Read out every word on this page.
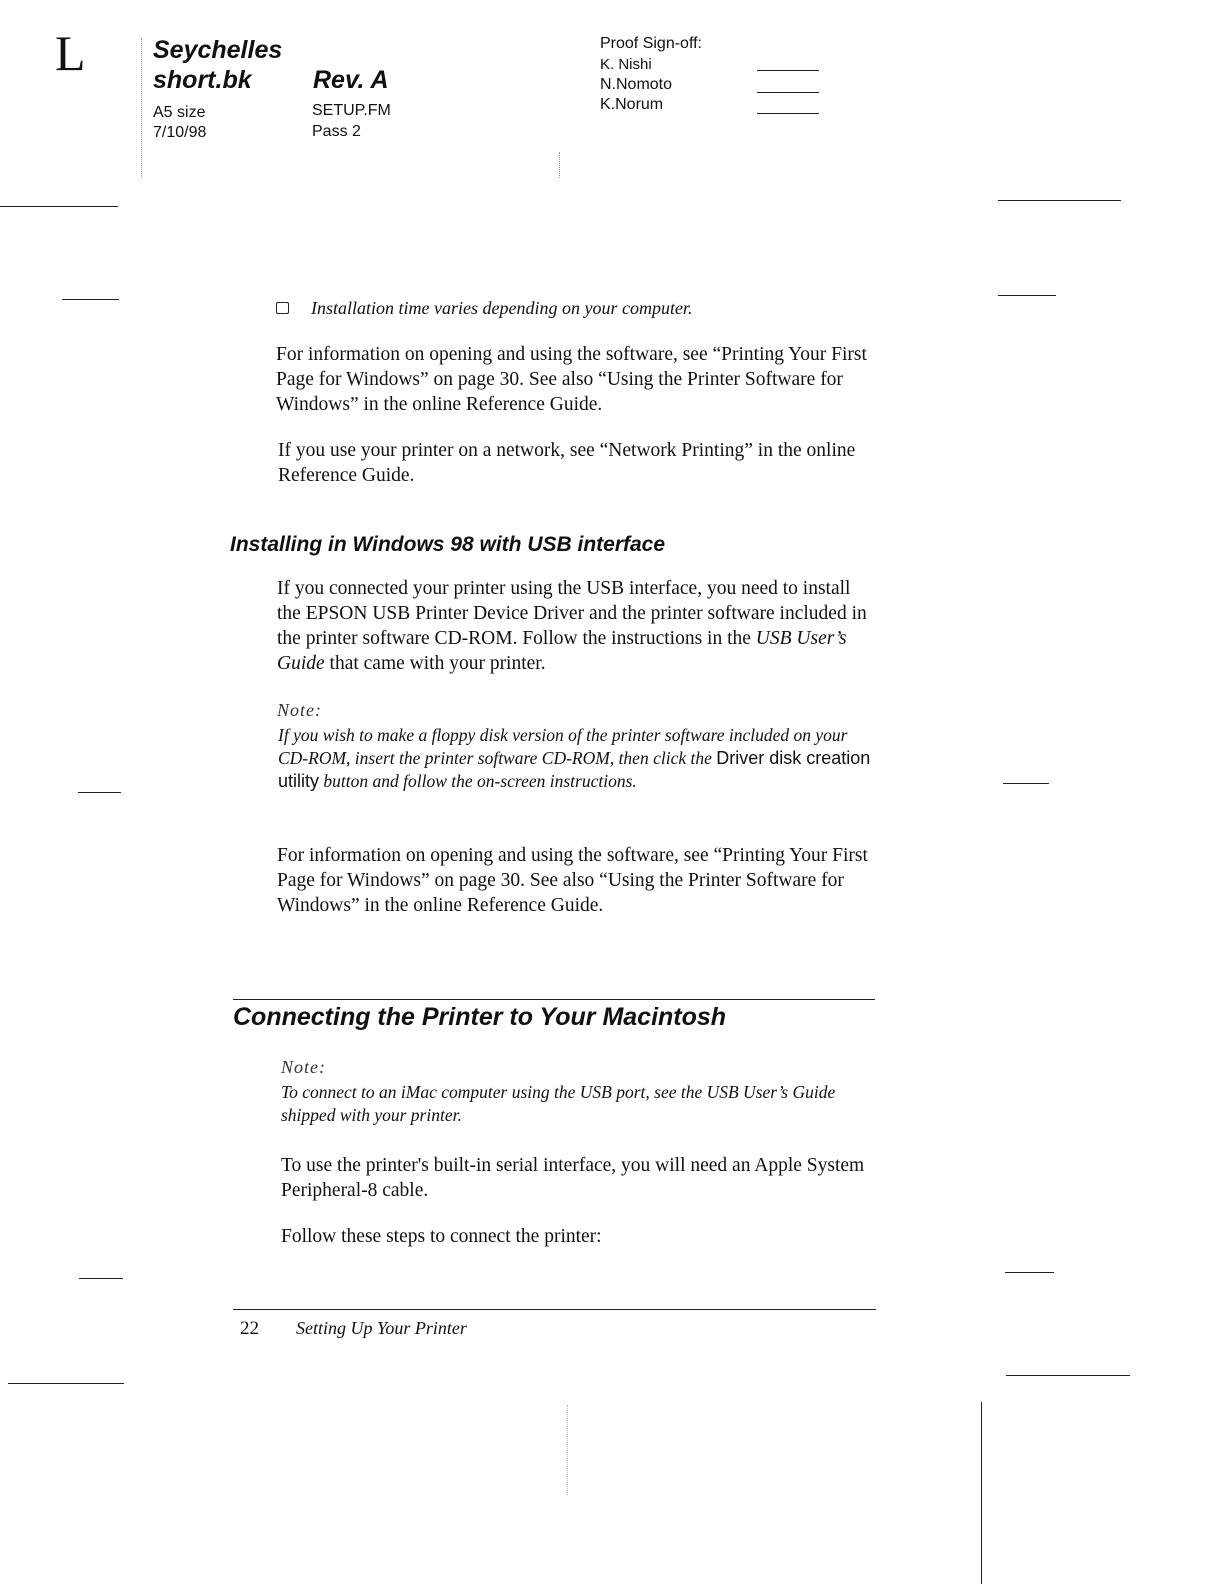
L	Seychelles
short.bk Rev. A
A5 size
7/10/98
SETUP.FM
Pass 2
Proof Sign-off:
K. Nishi
N.Nomoto
K.Norum
Installation time varies depending on your computer.

For information on opening and using the software, see “Printing Your First Page for Windows” on page 30. See also “Using the Printer Software for Windows” in the online Reference Guide.

If you use your printer on a network, see “Network Printing” in the online Reference Guide.

Installing in Windows 98 with USB interface

If you connected your printer using the USB interface, you need to install the EPSON USB Printer Device Driver and the printer software included in the printer software CD-ROM. Follow the instructions in the USB User’s Guide that came with your printer.

Note:
If you wish to make a floppy disk version of the printer software included on your CD-ROM, insert the printer software CD-ROM, then click the Driver disk creation utility button and follow the on-screen instructions.

For information on opening and using the software, see “Printing Your First Page for Windows” on page 30. See also “Using the Printer Software for Windows” in the online Reference Guide.

Connecting the Printer to Your Macintosh
Note:
To connect to an iMac computer using the USB port, see the USB User’s Guide shipped with your printer.

To use the printer's built-in serial interface, you will need an Apple System Peripheral-8 cable.

Follow these steps to connect the printer:

22 Setting Up Your Printer
